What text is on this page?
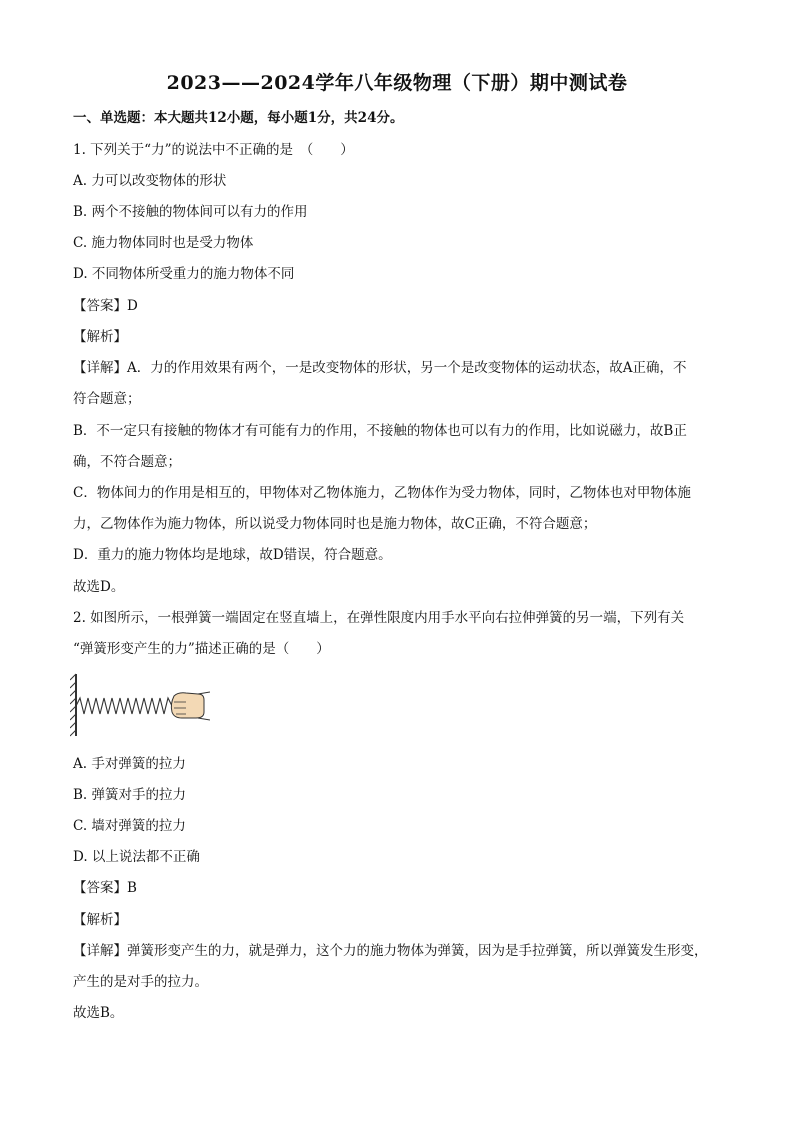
2023——2024学年八年级物理（下册）期中测试卷
一、单选题：本大题共12小题，每小题1分，共24分。
1. 下列关于“力”的说法中不正确的是　（　　）
A. 力可以改变物体的形状
B. 两个不接触的物体间可以有力的作用
C. 施力物体同时也是受力物体
D. 不同物体所受重力的施力物体不同
【答案】D
【解析】
【详解】A．力的作用效果有两个，一是改变物体的形状，另一个是改变物体的运动状态，故A正确，不
符合题意；
B．不一定只有接触的物体才有可能有力的作用，不接触的物体也可以有力的作用，比如说磁力，故B正
确，不符合题意；
C．物体间力的作用是相互的，甲物体对乙物体施力，乙物体作为受力物体，同时，乙物体也对甲物体施
力，乙物体作为施力物体，所以说受力物体同时也是施力物体，故C正确，不符合题意；
D．重力的施力物体均是地球，故D错误，符合题意。
故选D。
2. 如图所示，一根弹簧一端固定在竖直墙上，在弹性限度内用手水平向右拉伸弹簧的另一端，下列有关
“弹簧形变产生的力”描述正确的是（　　）
A. 手对弹簧的拉力
B. 弹簧对手的拉力
C. 墙对弹簧的拉力
D. 以上说法都不正确
【答案】B
【解析】
【详解】弹簧形变产生的力，就是弹力，这个力的施力物体为弹簧，因为是手拉弹簧，所以弹簧发生形变，
产生的是对手的拉力。
故选B。
